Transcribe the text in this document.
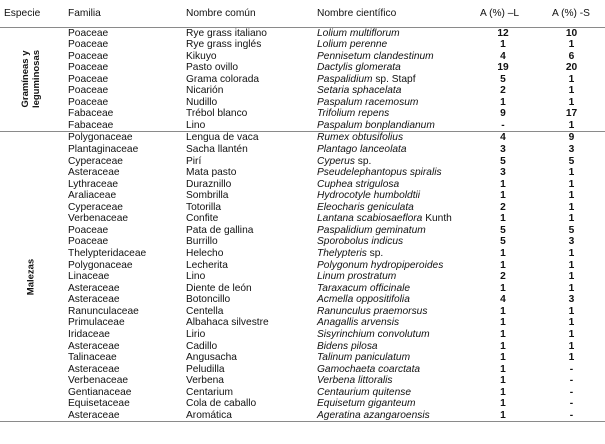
Especie	Familia	Nombre común	Nombre científico	A (%) –L	A (%) -S

Gramíneas y leguminosas	Poaceae	Rye grass italiano	Lolium multiflorum	12	10
	Poaceae	Rye grass inglés	Lolium perenne	1	1
	Poaceae	Kikuyo	Pennisetum clandestinum	4	6
	Poaceae	Pasto ovillo	Dactylis glomerata	19	20
	Poaceae	Grama colorada	Paspalidium sp. Stapf	5	1
	Poaceae	Nicarión	Setaria sphacelata	2	1
	Poaceae	Nudillo	Paspalum racemosum	1	1
	Fabaceae	Trébol blanco	Trifolium repens	9	17
	Fabaceae	Lino	Paspalum bonplandianum	-	1

Malezas	Polygonaceae	Lengua de vaca	Rumex obtusifolius	4	9
	Plantaginaceae	Sacha llantén	Plantago lanceolata	3	3
	Cyperaceae	Pirí	Cyperus sp.	5	5
	Asteraceae	Mata pasto	Pseudelephantopus spiralis	3	1
	Lythraceae	Duraznillo	Cuphea strigulosa	1	1
	Araliaceae	Sombrilla	Hydrocotyle humboldtii	1	1
	Cyperaceae	Totorilla	Eleocharis geniculata	2	1
	Verbenaceae	Confite	Lantana scabiosaeflora Kunth	1	1
	Poaceae	Pata de gallina	Paspalidium geminatum	5	5
	Poaceae	Burrillo	Sporobolus indicus	5	3
	Thelypteridaceae	Helecho	Thelypteris sp.	1	1
	Polygonaceae	Lecherita	Polygonum hydropiperoides	1	1
	Linaceae	Lino	Linum prostratum	2	1
	Asteraceae	Diente de león	Taraxacum officinale	1	1
	Asteraceae	Botoncillo	Acmella oppositifolia	4	3
	Ranunculaceae	Centella	Ranunculus praemorsus	1	1
	Primulaceae	Albahaca silvestre	Anagallis arvensis	1	1
	Iridaceae	Lirio	Sisyrinchium convolutum	1	1
	Asteraceae	Cadillo	Bidens pilosa	1	1
	Talinaceae	Angusacha	Talinum paniculatum	1	1
	Asteraceae	Peludilla	Gamochaeta coarctata	1	-
	Verbenaceae	Verbena	Verbena littoralis	1	-
	Gentianaceae	Centarium	Centaurium quitense	1	-
	Equisetaceae	Cola de caballo	Equisetum giganteum	1	-
	Asteraceae	Aromática	Ageratina azangaroensis	1	-
